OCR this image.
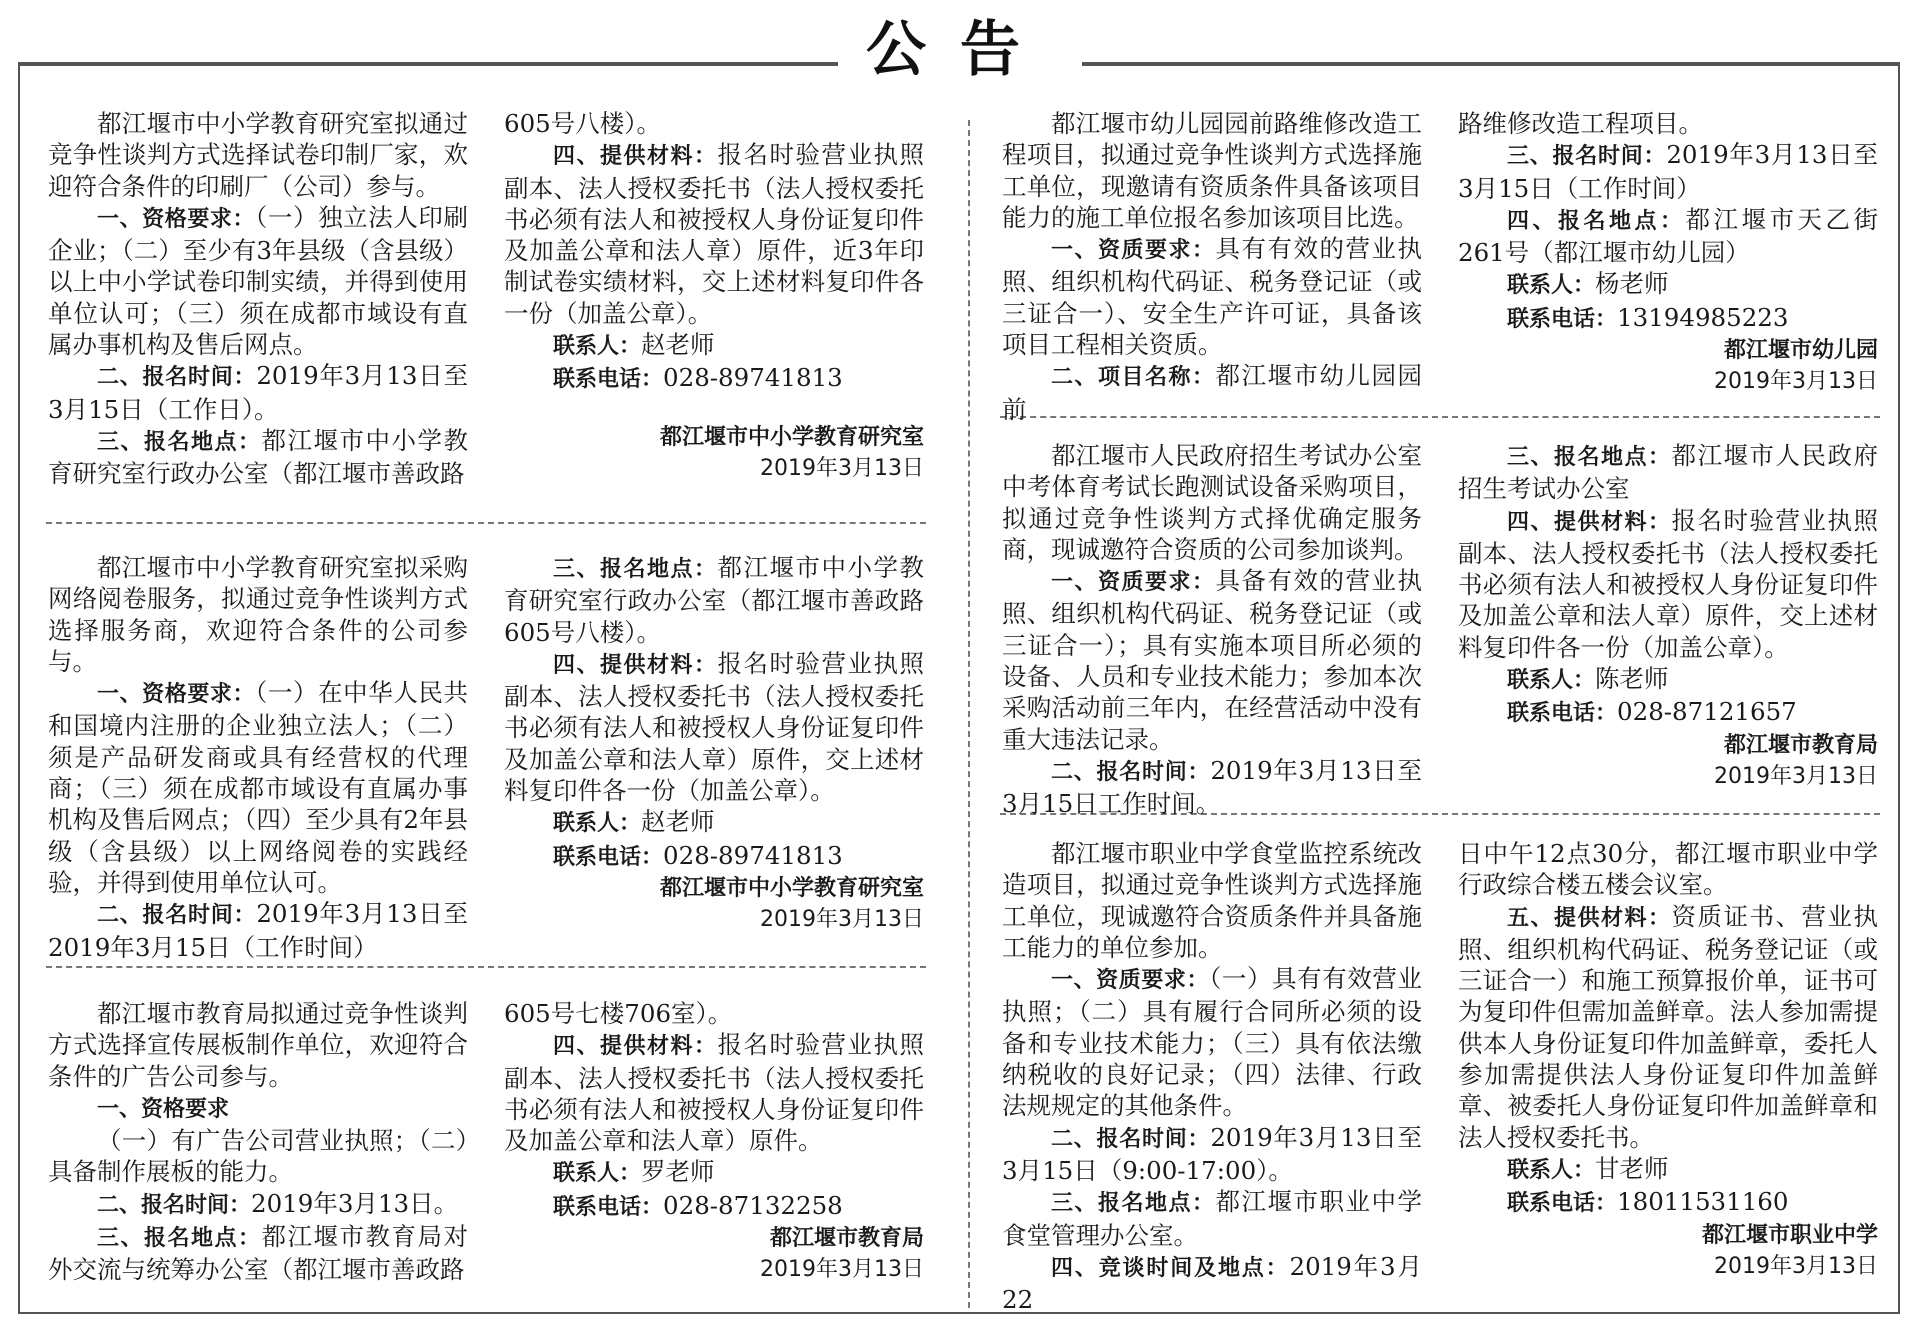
公告

都江堰市中小学教育研究室拟通过竞争性谈判方式选择试卷印制厂家，欢迎符合条件的印刷厂（公司）参与。

一、资格要求：（一）独立法人印刷企业；（二）至少有3年县级（含县级）以上中小学试卷印制实绩，并得到使用单位认可；（三）须在成都市域设有直属办事机构及售后网点。

二、报名时间：2019年3月13日至3月15日（工作日）。

三、报名地点：都江堰市中小学教育研究室行政办公室（都江堰市善政路

605号八楼）。

四、提供材料：报名时验营业执照副本、法人授权委托书（法人授权委托书必须有法人和被授权人身份证复印件及加盖公章和法人章）原件，近3年印制试卷实绩材料，交上述材料复印件各一份（加盖公章）。

联系人：赵老师

联系电话：028-89741813

都江堰市中小学教育研究室

2019年3月13日

都江堰市中小学教育研究室拟采购网络阅卷服务，拟通过竞争性谈判方式选择服务商，欢迎符合条件的公司参与。

一、资格要求：（一）在中华人民共和国境内注册的企业独立法人；（二）须是产品研发商或具有经营权的代理商；（三）须在成都市域设有直属办事机构及售后网点；（四）至少具有2年县级（含县级）以上网络阅卷的实践经验，并得到使用单位认可。

二、报名时间：2019年3月13日至2019年3月15日（工作时间）

三、报名地点：都江堰市中小学教育研究室行政办公室（都江堰市善政路605号八楼）。

四、提供材料：报名时验营业执照副本、法人授权委托书（法人授权委托书必须有法人和被授权人身份证复印件及加盖公章和法人章）原件，交上述材料复印件各一份（加盖公章）。

联系人：赵老师

联系电话：028-89741813

都江堰市中小学教育研究室

2019年3月13日

都江堰市教育局拟通过竞争性谈判方式选择宣传展板制作单位，欢迎符合条件的广告公司参与。

一、资格要求

（一）有广告公司营业执照；（二）具备制作展板的能力。

二、报名时间：2019年3月13日。

三、报名地点：都江堰市教育局对外交流与统筹办公室（都江堰市善政路

605号七楼706室）。

四、提供材料：报名时验营业执照副本、法人授权委托书（法人授权委托书必须有法人和被授权人身份证复印件及加盖公章和法人章）原件。

联系人：罗老师

联系电话：028-87132258

都江堰市教育局

2019年3月13日

都江堰市幼儿园园前路维修改造工程项目，拟通过竞争性谈判方式选择施工单位，现邀请有资质条件具备该项目能力的施工单位报名参加该项目比选。

一、资质要求：具有有效的营业执照、组织机构代码证、税务登记证（或三证合一）、安全生产许可证，具备该项目工程相关资质。

二、项目名称：都江堰市幼儿园园前

路维修改造工程项目。

三、报名时间：2019年3月13日至3月15日（工作时间）

四、报名地点：都江堰市天乙街261号（都江堰市幼儿园）

联系人：杨老师

联系电话：13194985223

都江堰市幼儿园

2019年3月13日

都江堰市人民政府招生考试办公室中考体育考试长跑测试设备采购项目，拟通过竞争性谈判方式择优确定服务商，现诚邀符合资质的公司参加谈判。

一、资质要求：具备有效的营业执照、组织机构代码证、税务登记证（或三证合一）；具有实施本项目所必须的设备、人员和专业技术能力；参加本次采购活动前三年内，在经营活动中没有重大违法记录。

二、报名时间：2019年3月13日至3月15日工作时间。

三、报名地点：都江堰市人民政府招生考试办公室

四、提供材料：报名时验营业执照副本、法人授权委托书（法人授权委托书必须有法人和被授权人身份证复印件及加盖公章和法人章）原件，交上述材料复印件各一份（加盖公章）。

联系人：陈老师

联系电话：028-87121657

都江堰市教育局

2019年3月13日

都江堰市职业中学食堂监控系统改造项目，拟通过竞争性谈判方式选择施工单位，现诚邀符合资质条件并具备施工能力的单位参加。

一、资质要求：（一）具有有效营业执照；（二）具有履行合同所必须的设备和专业技术能力；（三）具有依法缴纳税收的良好记录；（四）法律、行政法规规定的其他条件。

二、报名时间：2019年3月13日至3月15日（9:00-17:00）。

三、报名地点：都江堰市职业中学食堂管理办公室。

四、竞谈时间及地点：2019年3月22

日中午12点30分，都江堰市职业中学行政综合楼五楼会议室。

五、提供材料：资质证书、营业执照、组织机构代码证、税务登记证（或三证合一）和施工预算报价单，证书可为复印件但需加盖鲜章。法人参加需提供本人身份证复印件加盖鲜章，委托人参加需提供法人身份证复印件加盖鲜章、被委托人身份证复印件加盖鲜章和法人授权委托书。

联系人：甘老师

联系电话：18011531160

都江堰市职业中学

2019年3月13日
